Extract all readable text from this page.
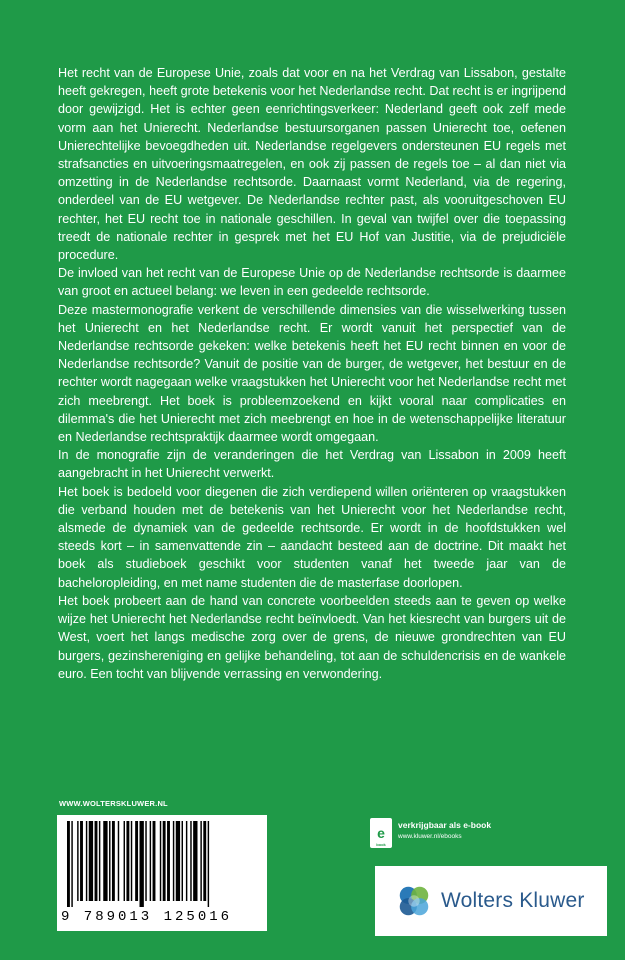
Het recht van de Europese Unie, zoals dat voor en na het Verdrag van Lissabon, gestalte heeft gekregen, heeft grote betekenis voor het Nederlandse recht. Dat recht is er ingrijpend door gewijzigd. Het is echter geen eenrichtingsverkeer: Nederland geeft ook zelf mede vorm aan het Unierecht. Nederlandse bestuursorganen passen Unierecht toe, oefenen Unierechtelijke bevoegdheden uit. Nederlandse regelgevers ondersteunen EU regels met strafsancties en uitvoeringsmaatregelen, en ook zij passen de regels toe – al dan niet via omzetting in de Nederlandse rechtsorde. Daarnaast vormt Nederland, via de regering, onderdeel van de EU wetgever. De Nederlandse rechter past, als vooruitgeschoven EU rechter, het EU recht toe in nationale geschillen. In geval van twijfel over die toepassing treedt de nationale rechter in gesprek met het EU Hof van Justitie, via de prejudiciële procedure.

De invloed van het recht van de Europese Unie op de Nederlandse rechtsorde is daarmee van groot en actueel belang: we leven in een gedeelde rechtsorde.

Deze mastermonografie verkent de verschillende dimensies van die wisselwerking tussen het Unierecht en het Nederlandse recht. Er wordt vanuit het perspectief van de Nederlandse rechtsorde gekeken: welke betekenis heeft het EU recht binnen en voor de Nederlandse rechtsorde? Vanuit de positie van de burger, de wetgever, het bestuur en de rechter wordt nagegaan welke vraagstukken het Unierecht voor het Nederlandse recht met zich meebrengt. Het boek is probleemzoekend en kijkt vooral naar complicaties en dilemma's die het Unierecht met zich meebrengt en hoe in de wetenschappelijke literatuur en Nederlandse rechtspraktijk daarmee wordt omgegaan.

In de monografie zijn de veranderingen die het Verdrag van Lissabon in 2009 heeft aangebracht in het Unierecht verwerkt.

Het boek is bedoeld voor diegenen die zich verdiepend willen oriënteren op vraagstukken die verband houden met de betekenis van het Unierecht voor het Nederlandse recht, alsmede de dynamiek van de gedeelde rechtsorde. Er wordt in de hoofdstukken wel steeds kort – in samenvattende zin – aandacht besteed aan de doctrine. Dit maakt het boek als studieboek geschikt voor studenten vanaf het tweede jaar van de bacheloropleiding, en met name studenten die de masterfase doorlopen.

Het boek probeert aan de hand van concrete voorbeelden steeds aan te geven op welke wijze het Unierecht het Nederlandse recht beïnvloedt. Van het kiesrecht van burgers uit de West, voert het langs medische zorg over de grens, de nieuwe grondrechten van EU burgers, gezinshereniging en gelijke behandeling, tot aan de schuldencrisis en de wankele euro. Een tocht van blijvende verrassing en verwondering.

WWW.WOLTERSKLUWER.NL
9 789013 125016
e
book
verkrijgbaar als e-book
www.kluwer.nl/ebooks
Wolters Kluwer
